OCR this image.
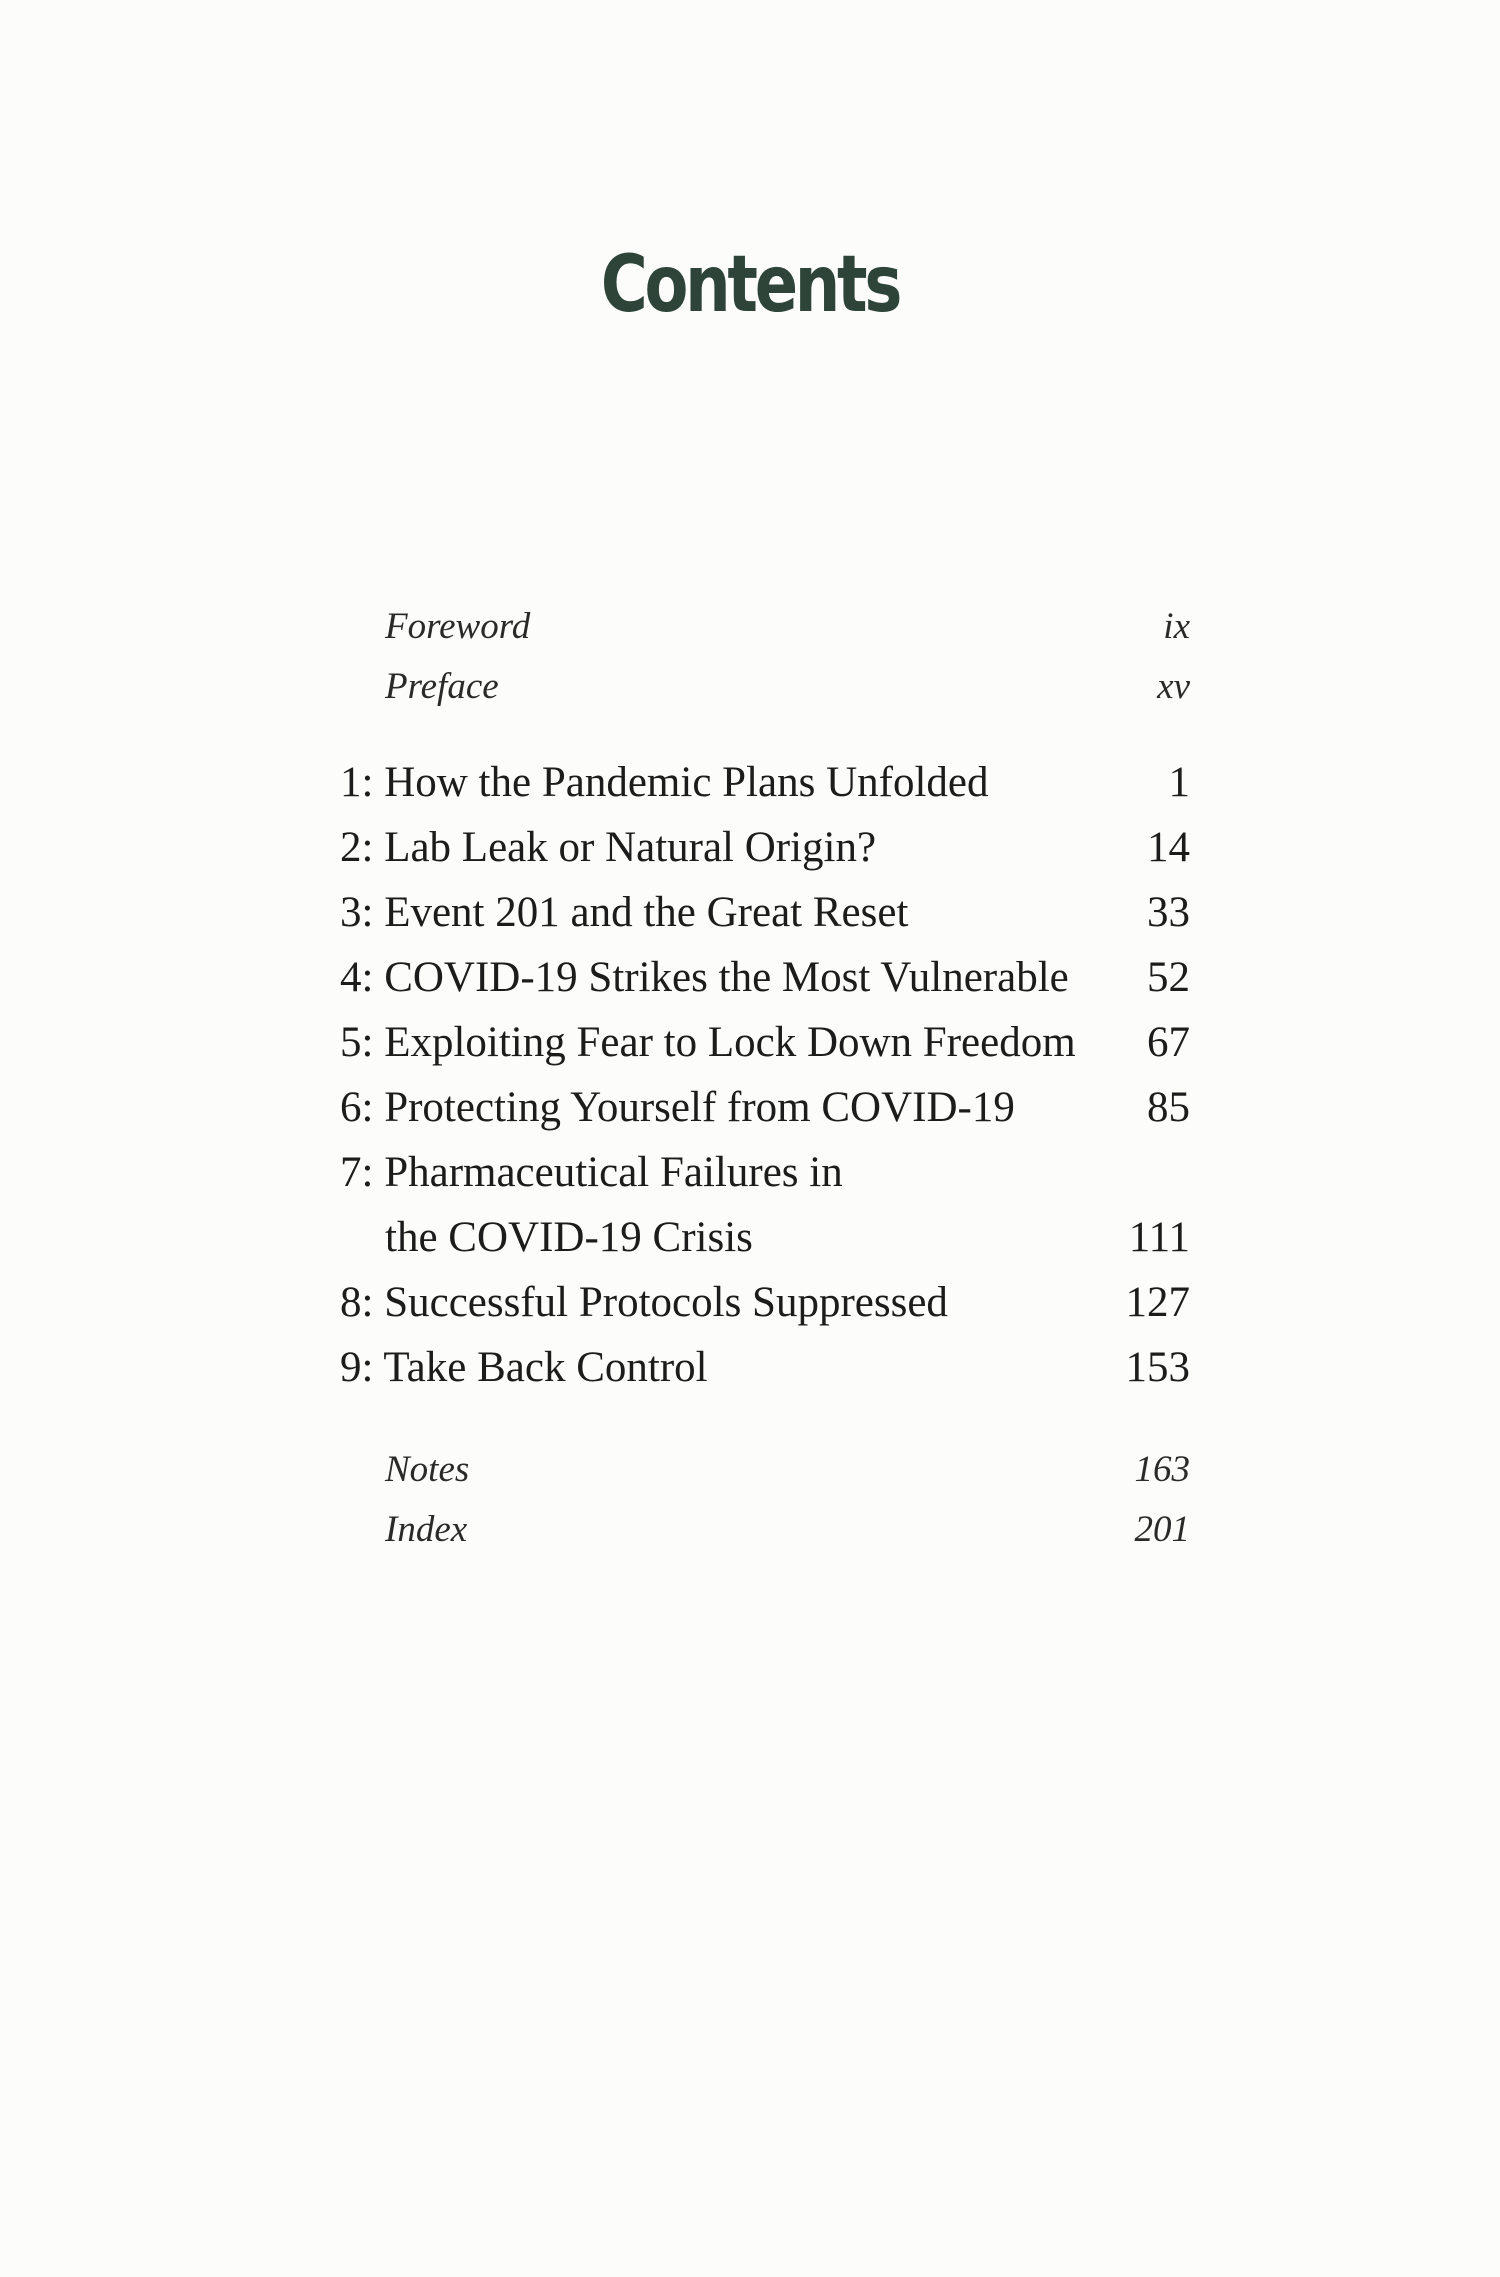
Contents
Foreword	ix
Preface	xv
1: How the Pandemic Plans Unfolded	1
2: Lab Leak or Natural Origin?	14
3: Event 201 and the Great Reset	33
4: COVID-19 Strikes the Most Vulnerable 52
5: Exploiting Fear to Lock Down Freedom 67
6: Protecting Yourself from COVID-19	85
7: Pharmaceutical Failures in
the COVID-19 Crisis	111
8: Successful Protocols Suppressed	127
9: Take Back Control	153
Notes	163
Index	201
